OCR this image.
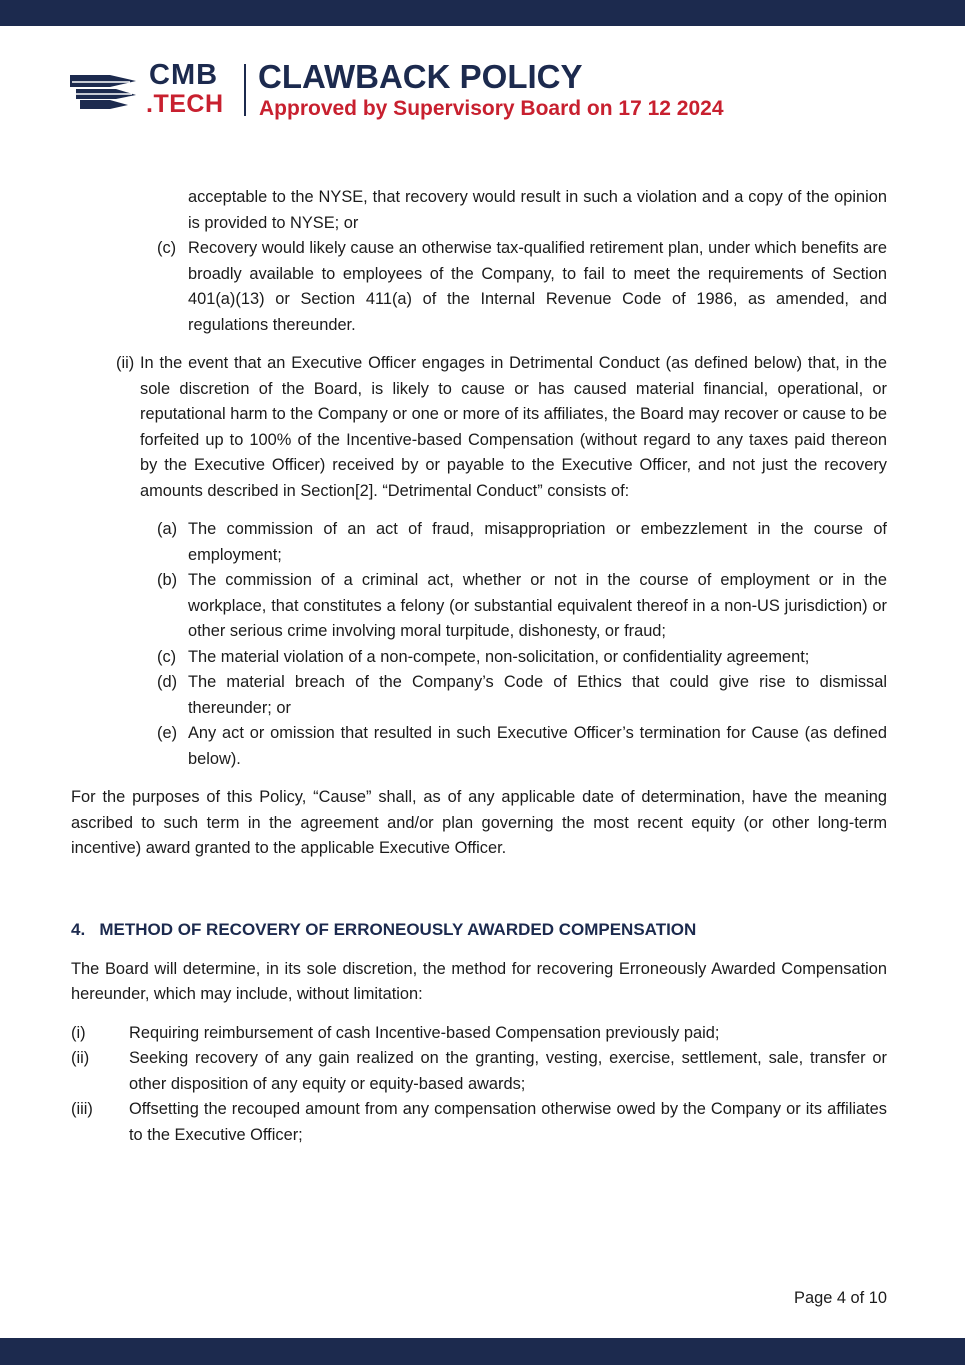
CMB
.TECH
CLAWBACK POLICY
Approved by Supervisory Board on 17 12 2024

acceptable to the NYSE, that recovery would result in such a violation and a copy of the opinion is provided to NYSE; or

(c) Recovery would likely cause an otherwise tax-qualified retirement plan, under which benefits are broadly available to employees of the Company, to fail to meet the requirements of Section 401(a)(13) or Section 411(a) of the Internal Revenue Code of 1986, as amended, and regulations thereunder.
(ii) In the event that an Executive Officer engages in Detrimental Conduct (as defined below) that, in the sole discretion of the Board, is likely to cause or has caused material financial, operational, or reputational harm to the Company or one or more of its affiliates, the Board may recover or cause to be forfeited up to 100% of the Incentive-based Compensation (without regard to any taxes paid thereon by the Executive Officer) received by or payable to the Executive Officer, and not just the recovery amounts described in Section[2]. “Detrimental Conduct” consists of:
(a) The commission of an act of fraud, misappropriation or embezzlement in the course of employment;
(b) The commission of a criminal act, whether or not in the course of employment or in the workplace, that constitutes a felony (or substantial equivalent thereof in a non-US jurisdiction) or other serious crime involving moral turpitude, dishonesty, or fraud;
(c) The material violation of a non-compete, non-solicitation, or confidentiality agreement;
(d) The material breach of the Company’s Code of Ethics that could give rise to dismissal thereunder; or
(e) Any act or omission that resulted in such Executive Officer’s termination for Cause (as defined below).

For the purposes of this Policy, “Cause” shall, as of any applicable date of determination, have the meaning ascribed to such term in the agreement and/or plan governing the most recent equity (or other long-term incentive) award granted to the applicable Executive Officer.

4.   METHOD OF RECOVERY OF ERRONEOUSLY AWARDED COMPENSATION

The Board will determine, in its sole discretion, the method for recovering Erroneously Awarded Compensation hereunder, which may include, without limitation:

(i)	Requiring reimbursement of cash Incentive-based Compensation previously paid;
(ii)	Seeking recovery of any gain realized on the granting, vesting, exercise, settlement, sale, transfer or other disposition of any equity or equity-based awards;
(iii)	Offsetting the recouped amount from any compensation otherwise owed by the Company or its affiliates to the Executive Officer;
Page 4 of 10
